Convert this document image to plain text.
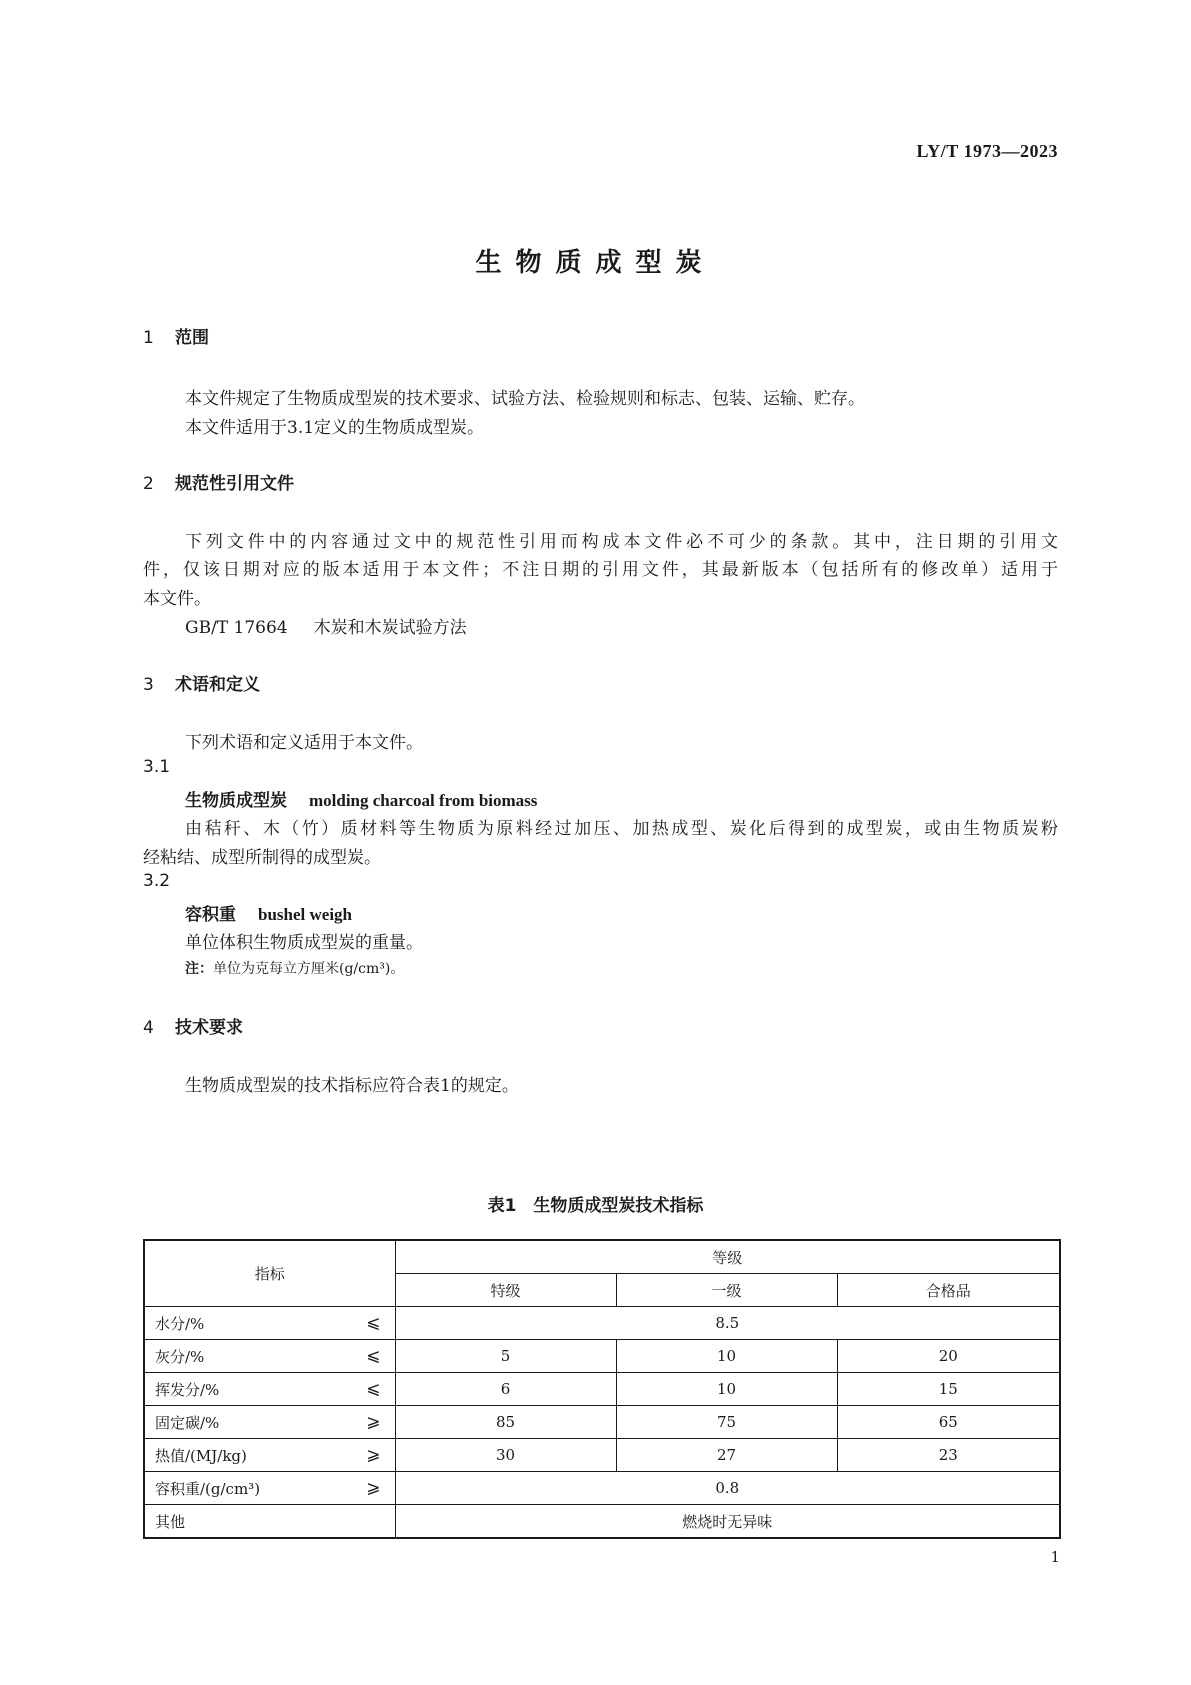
LY/T 1973—2023
生物质成型炭
1 范围
本文件规定了生物质成型炭的技术要求、试验方法、检验规则和标志、包装、运输、贮存。
本文件适用于3.1定义的生物质成型炭。
2 规范性引用文件
下列文件中的内容通过文中的规范性引用而构成本文件必不可少的条款。其中，注日期的引用文
件，仅该日期对应的版本适用于本文件；不注日期的引用文件，其最新版本（包括所有的修改单）适用于
本文件。
GB/T 17664 木炭和木炭试验方法
3 术语和定义
下列术语和定义适用于本文件。
3.1
生物质成型炭 molding charcoal from biomass
由秸秆、木（竹）质材料等生物质为原料经过加压、加热成型、炭化后得到的成型炭，或由生物质炭粉
经粘结、成型所制得的成型炭。
3.2
容积重 bushel weigh
单位体积生物质成型炭的重量。
注：单位为克每立方厘米(g/cm³)。
4 技术要求
生物质成型炭的技术指标应符合表1的规定。
表1　生物质成型炭技术指标
指标	等级		
	特级	一级	合格品
水分/% ⩽	8.5		
灰分/% ⩽	5	10	20
挥发分/% ⩽	6	10	15
固定碳/% ⩾	85	75	65
热值/(MJ/kg) ⩾	30	27	23
容积重/(g/cm³) ⩾	0.8		
其他	燃烧时无异味		
1
